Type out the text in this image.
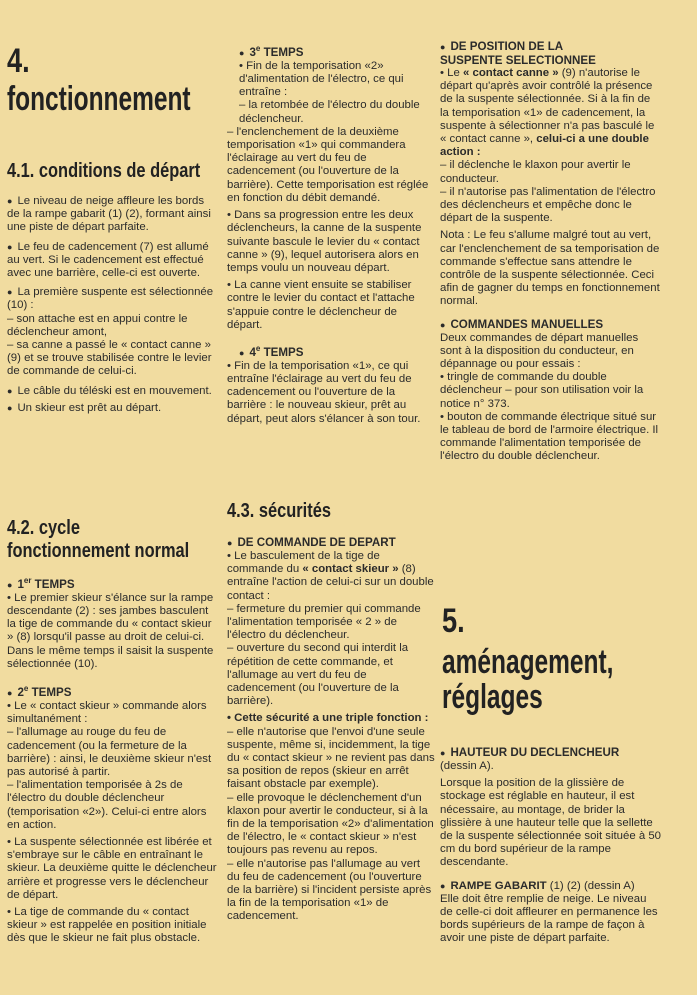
4.
fonctionnement
4.1. conditions de départ

●  Le niveau de neige affleure les bords de la rampe gabarit (1) (2), formant ainsi une piste de départ parfaite.

●  Le feu de cadencement (7) est allumé au vert. Si le cadencement est effectué avec une barrière, celle-ci est ouverte.

●  La première suspente est sélectionnée (10) :

– son attache est en appui contre le déclencheur amont,

– sa canne a passé le « contact canne » (9) et se trouve stabilisée contre le levier de commande de celui-ci.

●  Le câble du téléski est en mouvement.

●  Un skieur est prêt au départ.

4.2. cycle
fonctionnement normal

●  1er TEMPS

• Le premier skieur s'élance sur la rampe descendante (2) : ses jambes basculent la tige de commande du « contact skieur » (8) lorsqu'il passe au droit de celui-ci. Dans le même temps il saisit la suspente sélectionnée (10).

●  2e TEMPS

• Le « contact skieur » commande alors simultanément :

– l'allumage au rouge du feu de cadencement (ou la fermeture de la barrière) : ainsi, le deuxième skieur n'est pas autorisé à partir.

– l'alimentation temporisée à 2s de l'électro du double déclencheur (temporisation «2»). Celui-ci entre alors en action.

• La suspente sélectionnée est libérée et s'embraye sur le câble en entraînant le skieur. La deuxième quitte le déclencheur arrière et progresse vers le déclencheur de départ.

• La tige de commande du « contact skieur » est rappelée en position initiale dès que le skieur ne fait plus obstacle.

●  3e TEMPS

• Fin de la temporisation «2» d'alimentation de l'électro, ce qui entraîne :

– la retombée de l'électro du double déclencheur.

– l'enclenchement de la deuxième temporisation «1» qui commandera l'éclairage au vert du feu de cadencement (ou l'ouverture de la barrière). Cette temporisation est réglée en fonction du débit demandé.

• Dans sa progression entre les deux déclencheurs, la canne de la suspente suivante bascule le levier du « contact canne » (9), lequel autorisera alors en temps voulu un nouveau départ.

• La canne vient ensuite se stabiliser contre le levier du contact et l'attache s'appuie contre le déclencheur de départ.

●  4e TEMPS

• Fin de la temporisation «1», ce qui entraîne l'éclairage au vert du feu de cadencement ou l'ouverture de la barrière : le nouveau skieur, prêt au départ, peut alors s'élancer à son tour.

4.3. sécurités

●  DE COMMANDE DE DEPART

• Le basculement de la tige de commande du « contact skieur » (8) entraîne l'action de celui-ci sur un double contact :

– fermeture du premier qui commande l'alimentation temporisée « 2 » de l'électro du déclencheur.

– ouverture du second qui interdit la répétition de cette commande, et l'allumage au vert du feu de cadencement (ou l'ouverture de la barrière).

• Cette sécurité a une triple fonction :

– elle n'autorise que l'envoi d'une seule suspente, même si, incidemment, la tige du « contact skieur » ne revient pas dans sa position de repos (skieur en arrêt faisant obstacle par exemple).

– elle provoque le déclenchement d'un klaxon pour avertir le conducteur, si à la fin de la temporisation «2» d'alimentation de l'électro, le « contact skieur » n'est toujours pas revenu au repos.

– elle n'autorise pas l'allumage au vert du feu de cadencement (ou l'ouverture de la barrière) si l'incident persiste après la fin de la temporisation «1» de cadencement.

●  DE POSITION DE LA

SUSPENTE SELECTIONNEE

• Le « contact canne » (9) n'autorise le départ qu'après avoir contrôlé la présence de la suspente sélectionnée. Si à la fin de la temporisation «1» de cadencement, la suspente à sélectionner n'a pas basculé le « contact canne », celui-ci a une double action :

– il déclenche le klaxon pour avertir le conducteur.

– il n'autorise pas l'alimentation de l'électro des déclencheurs et empêche donc le départ de la suspente.

Nota : Le feu s'allume malgré tout au vert, car l'enclenchement de sa temporisation de commande s'effectue sans attendre le contrôle de la suspente sélectionnée. Ceci afin de gagner du temps en fonctionnement normal.

●  COMMANDES MANUELLES

Deux commandes de départ manuelles sont à la disposition du conducteur, en dépannage ou pour essais :

• tringle de commande du double déclencheur – pour son utilisation voir la notice n° 373.

• bouton de commande électrique situé sur le tableau de bord de l'armoire électrique. Il commande l'alimentation temporisée de l'électro du double déclencheur.

5.
aménagement,
réglages

●  HAUTEUR DU DECLENCHEUR

(dessin A).

Lorsque la position de la glissière de stockage est réglable en hauteur, il est nécessaire, au montage, de brider la glissière à une hauteur telle que la sellette de la suspente sélectionnée soit située à 50 cm du bord supérieur de la rampe descendante.

●  RAMPE GABARIT (1) (2) (dessin A)

Elle doit être remplie de neige. Le niveau de celle-ci doit affleurer en permanence les bords supérieurs de la rampe de façon à avoir une piste de départ parfaite.
